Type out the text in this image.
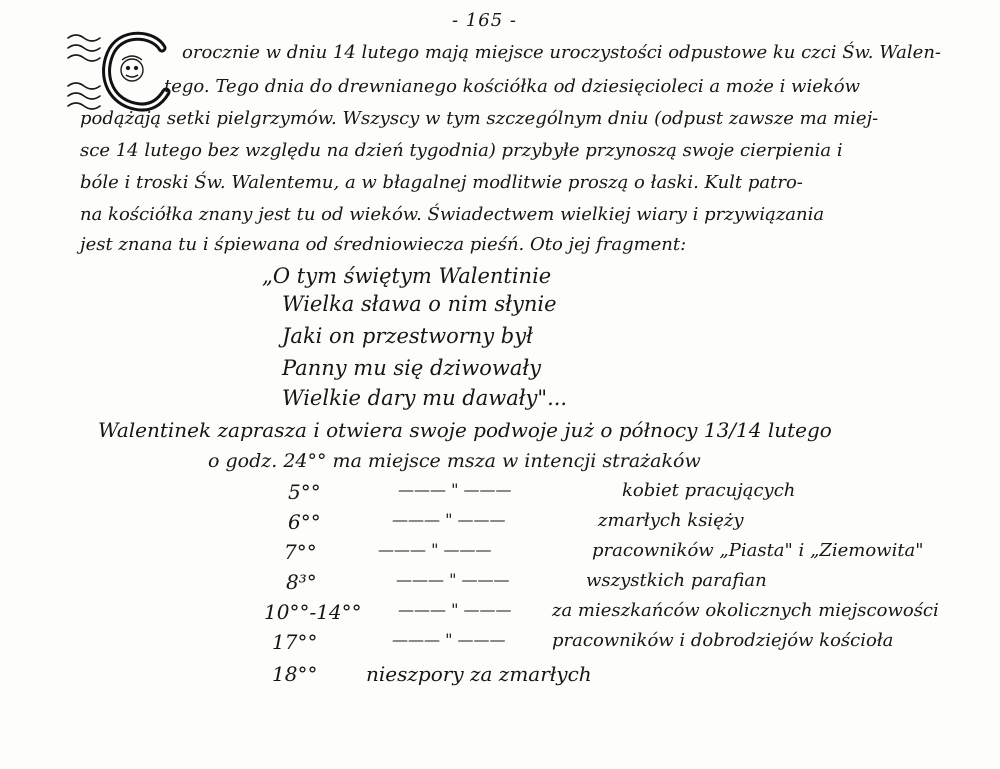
- 165 -
orocznie w dniu 14 lutego mają miejsce uroczystości odpustowe ku czci Św. Walen-
tego. Tego dnia do drewnianego kościółka od dziesięcioleci a może i wieków
podążają setki pielgrzymów. Wszyscy w tym szczególnym dniu (odpust zawsze ma miej-
sce 14 lutego bez względu na dzień tygodnia) przybyłe przynoszą swoje cierpienia i
bóle i troski Św. Walentemu, a w błagalnej modlitwie proszą o łaski. Kult patro-
na kościółka znany jest tu od wieków. Świadectwem wielkiej wiary i przywiązania
jest znana tu i śpiewana od średniowiecza pieśń. Oto jej fragment:
„O tym świętym Walentinie
Wielka sława o nim słynie
Jaki on przestworny był
Panny mu się dziwowały
Wielkie dary mu dawały"...
Walentinek zaprasza i otwiera swoje podwoje już o północy 13/14 lutego
o godz. 24°° ma miejsce msza w intencji strażaków
5°°	——— " ———	kobiet pracujących
6°°	——— " ———	zmarłych księży
7°°	——— " ———	pracowników „Piasta" i „Ziemowita"
8³°	——— " ———	wszystkich parafian
10°°-14°° ——— " ——— za mieszkańców okolicznych miejscowości
17°°	——— " ———	pracowników i dobrodziejów kościoła
18°° nieszpory za zmarłych
